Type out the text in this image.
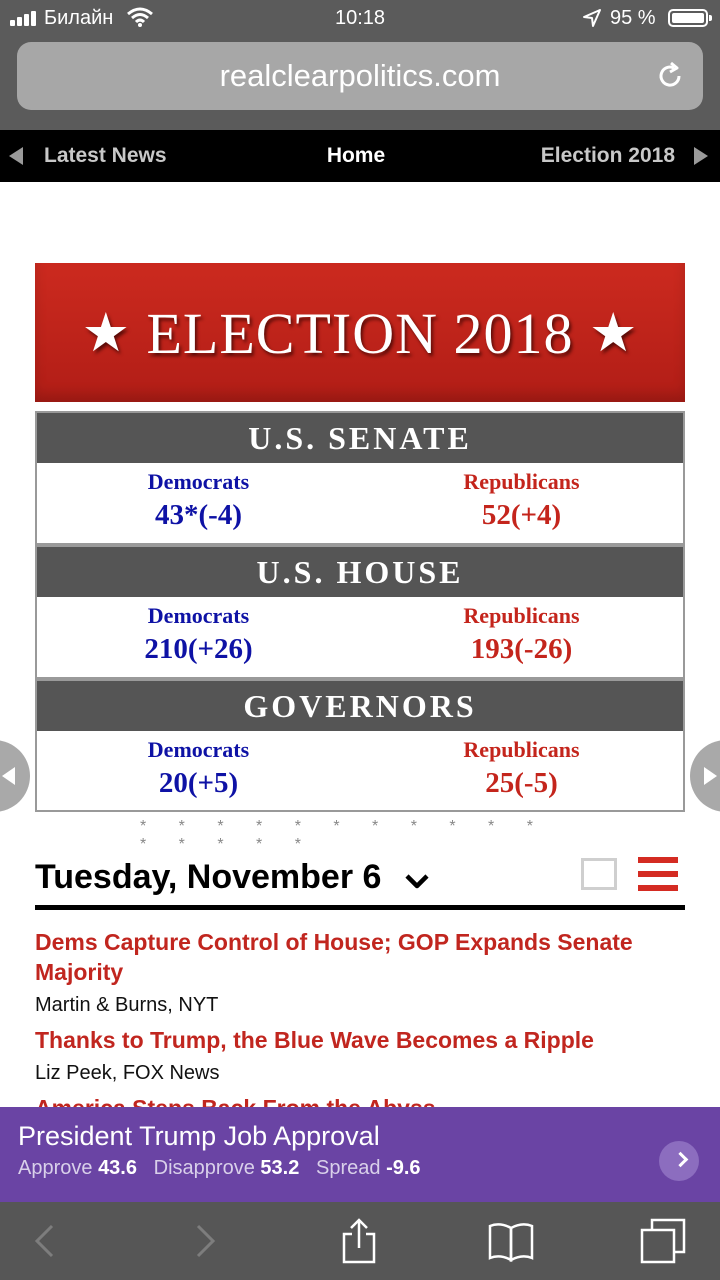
Билайн	10:18	95 %
realclearpolitics.com
Latest News	Home	Election 2018
★ ELECTION 2018 ★
U.S. SENATE
Democrats
43*(-4)
Republicans
52(+4)
U.S. HOUSE
Democrats
210(+26)
Republicans
193(-26)
GOVERNORS
Democrats
20(+5)
Republicans
25(-5)
* * * * * * * * * * * * * * * *
Tuesday, November 6
Dems Capture Control of House; GOP Expands Senate Majority
Martin & Burns, NYT
Thanks to Trump, the Blue Wave Becomes a Ripple
Liz Peek, FOX News
President Trump Job Approval
Approve 43.6 Disapprove 53.2 Spread -9.6
